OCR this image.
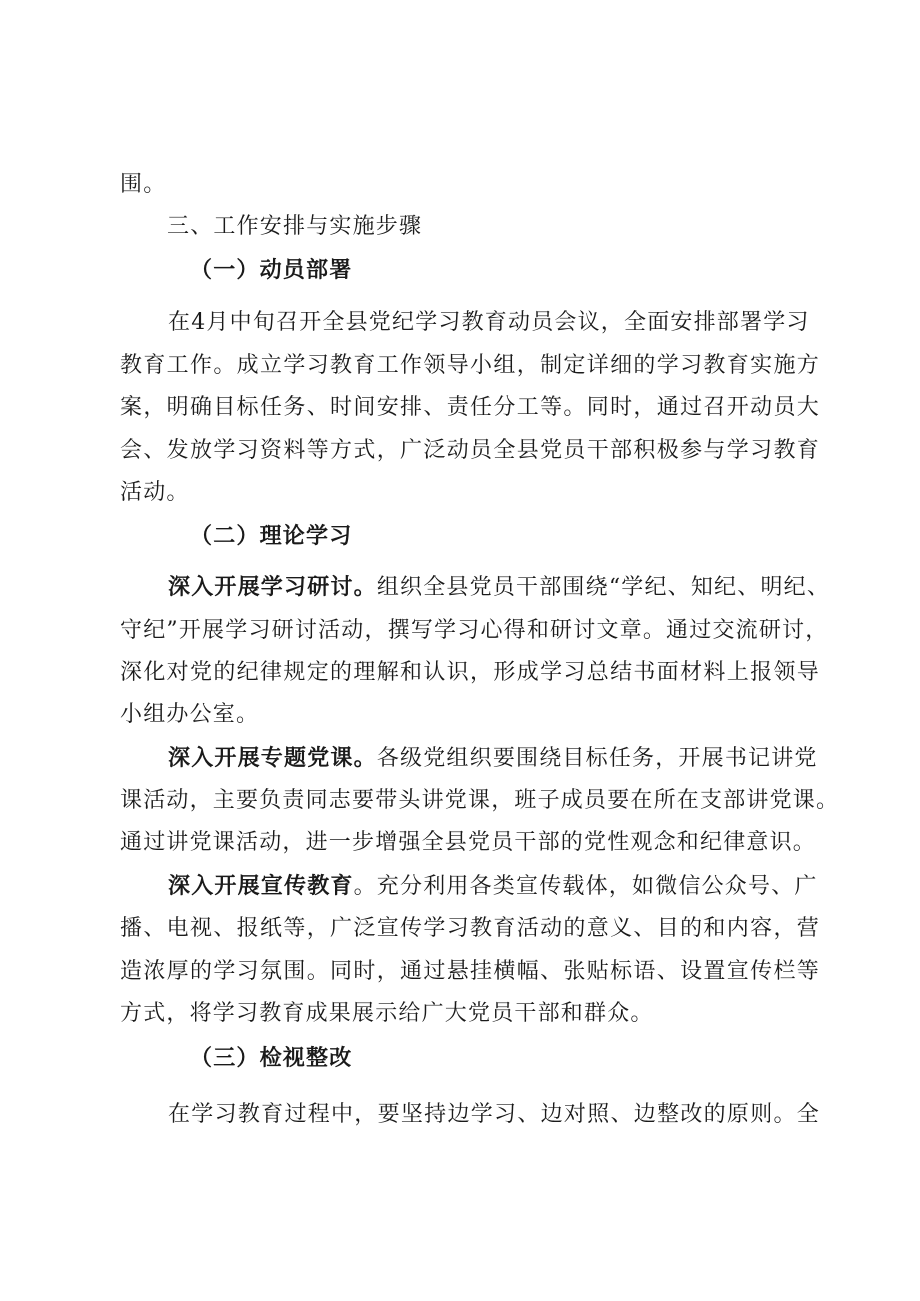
围。
三、工作安排与实施步骤
（一）动员部署
在4月中旬召开全县党纪学习教育动员会议，全面安排部署学习
教育工作。成立学习教育工作领导小组，制定详细的学习教育实施方
案，明确目标任务、时间安排、责任分工等。同时，通过召开动员大
会、发放学习资料等方式，广泛动员全县党员干部积极参与学习教育
活动。
（二）理论学习
深入开展学习研讨。组织全县党员干部围绕“学纪、知纪、明纪、
守纪”开展学习研讨活动，撰写学习心得和研讨文章。通过交流研讨，
深化对党的纪律规定的理解和认识，形成学习总结书面材料上报领导
小组办公室。
深入开展专题党课。各级党组织要围绕目标任务，开展书记讲党
课活动，主要负责同志要带头讲党课，班子成员要在所在支部讲党课。
通过讲党课活动，进一步增强全县党员干部的党性观念和纪律意识。
深入开展宣传教育。充分利用各类宣传载体，如微信公众号、广
播、电视、报纸等，广泛宣传学习教育活动的意义、目的和内容，营
造浓厚的学习氛围。同时，通过悬挂横幅、张贴标语、设置宣传栏等
方式，将学习教育成果展示给广大党员干部和群众。
（三）检视整改
在学习教育过程中，要坚持边学习、边对照、边整改的原则。全
